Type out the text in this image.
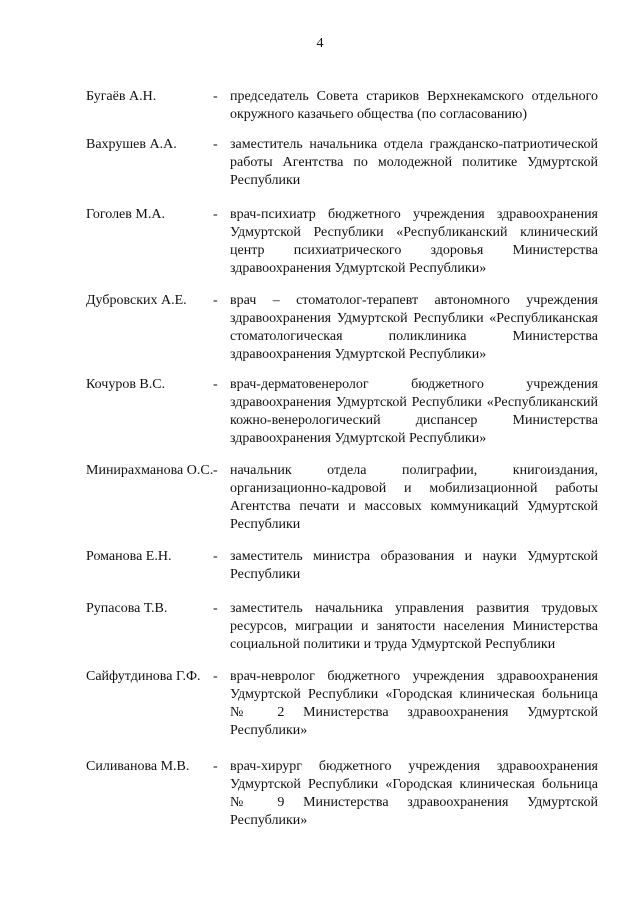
4
Бугаёв А.Н.	- председатель Совета стариков Верхнекамского отдельного окружного казачьего общества (по согласованию)
Вахрушев А.А.	- заместитель начальника отдела гражданско-патриотической работы Агентства по молодежной политике Удмуртской Республики
Гоголев М.А.	- врач-психиатр бюджетного учреждения здравоохранения Удмуртской Республики «Республиканский клинический центр психиатрического здоровья Министерства здравоохранения Удмуртской Республики»
Дубровских А.Е. - врач – стоматолог-терапевт автономного учреждения здравоохранения Удмуртской Республики «Республиканская стоматологическая поликлиника Министерства здравоохранения Удмуртской Республики»
Кочуров В.С.	- врач-дерматовенеролог бюджетного учреждения здравоохранения Удмуртской Республики «Республиканский кожно-венерологический диспансер Министерства здравоохранения Удмуртской Республики»
Минирахманова О.С. - начальник отдела полиграфии, книгоиздания, организационно-кадровой и мобилизационной работы Агентства печати и массовых коммуникаций Удмуртской Республики
Романова Е.Н.	- заместитель министра образования и науки Удмуртской Республики
Рупасова Т.В.	- заместитель начальника управления развития трудовых ресурсов, миграции и занятости населения Министерства социальной политики и труда Удмуртской Республики
Сайфутдинова Г.Ф. - врач-невролог бюджетного учреждения здравоохранения Удмуртской Республики «Городская клиническая больница № 2 Министерства здравоохранения Удмуртской Республики»
Силиванова М.В. - врач-хирург бюджетного учреждения здравоохранения Удмуртской Республики «Городская клиническая больница № 9 Министерства здравоохранения Удмуртской Республики»
